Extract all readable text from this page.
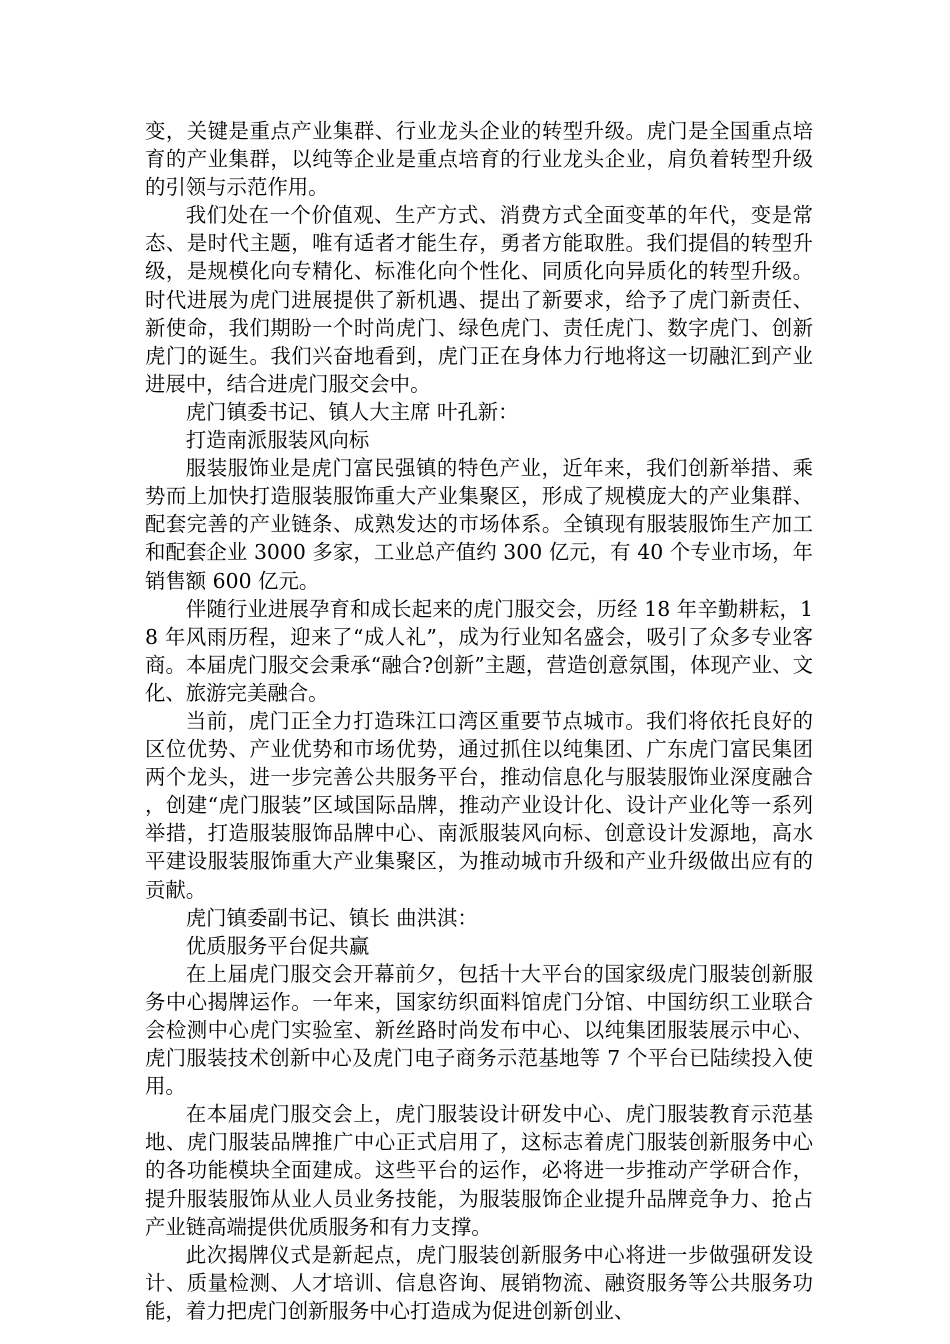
变，关键是重点产业集群、行业龙头企业的转型升级。虎门是全国重点培育的产业集群，以纯等企业是重点培育的行业龙头企业，肩负着转型升级的引领与示范作用。

我们处在一个价值观、生产方式、消费方式全面变革的年代，变是常态、是时代主题，唯有适者才能生存，勇者方能取胜。我们提倡的转型升级，是规模化向专精化、标准化向个性化、同质化向异质化的转型升级。时代进展为虎门进展提供了新机遇、提出了新要求，给予了虎门新责任、新使命，我们期盼一个时尚虎门、绿色虎门、责任虎门、数字虎门、创新虎门的诞生。我们兴奋地看到，虎门正在身体力行地将这一切融汇到产业进展中，结合进虎门服交会中。

虎门镇委书记、镇人大主席 叶孔新：

打造南派服装风向标

服装服饰业是虎门富民强镇的特色产业，近年来，我们创新举措、乘势而上加快打造服装服饰重大产业集聚区，形成了规模庞大的产业集群、配套完善的产业链条、成熟发达的市场体系。全镇现有服装服饰生产加工和配套企业 3000 多家，工业总产值约 300 亿元，有 40 个专业市场，年销售额 600 亿元。

伴随行业进展孕育和成长起来的虎门服交会，历经 18 年辛勤耕耘，18 年风雨历程，迎来了“成人礼”，成为行业知名盛会，吸引了众多专业客商。本届虎门服交会秉承“融合?创新”主题，营造创意氛围，体现产业、文化、旅游完美融合。

当前，虎门正全力打造珠江口湾区重要节点城市。我们将依托良好的区位优势、产业优势和市场优势，通过抓住以纯集团、广东虎门富民集团两个龙头，进一步完善公共服务平台，推动信息化与服装服饰业深度融合，创建“虎门服装”区域国际品牌，推动产业设计化、设计产业化等一系列举措，打造服装服饰品牌中心、南派服装风向标、创意设计发源地，高水平建设服装服饰重大产业集聚区，为推动城市升级和产业升级做出应有的贡献。

虎门镇委副书记、镇长 曲洪淇：

优质服务平台促共赢

在上届虎门服交会开幕前夕，包括十大平台的国家级虎门服装创新服务中心揭牌运作。一年来，国家纺织面料馆虎门分馆、中国纺织工业联合会检测中心虎门实验室、新丝路时尚发布中心、以纯集团服装展示中心、虎门服装技术创新中心及虎门电子商务示范基地等 7 个平台已陆续投入使用。

在本届虎门服交会上，虎门服装设计研发中心、虎门服装教育示范基地、虎门服装品牌推广中心正式启用了，这标志着虎门服装创新服务中心的各功能模块全面建成。这些平台的运作，必将进一步推动产学研合作，提升服装服饰从业人员业务技能，为服装服饰企业提升品牌竞争力、抢占产业链高端提供优质服务和有力支撑。

此次揭牌仪式是新起点，虎门服装创新服务中心将进一步做强研发设计、质量检测、人才培训、信息咨询、展销物流、融资服务等公共服务功能，着力把虎门创新服务中心打造成为促进创新创业、
